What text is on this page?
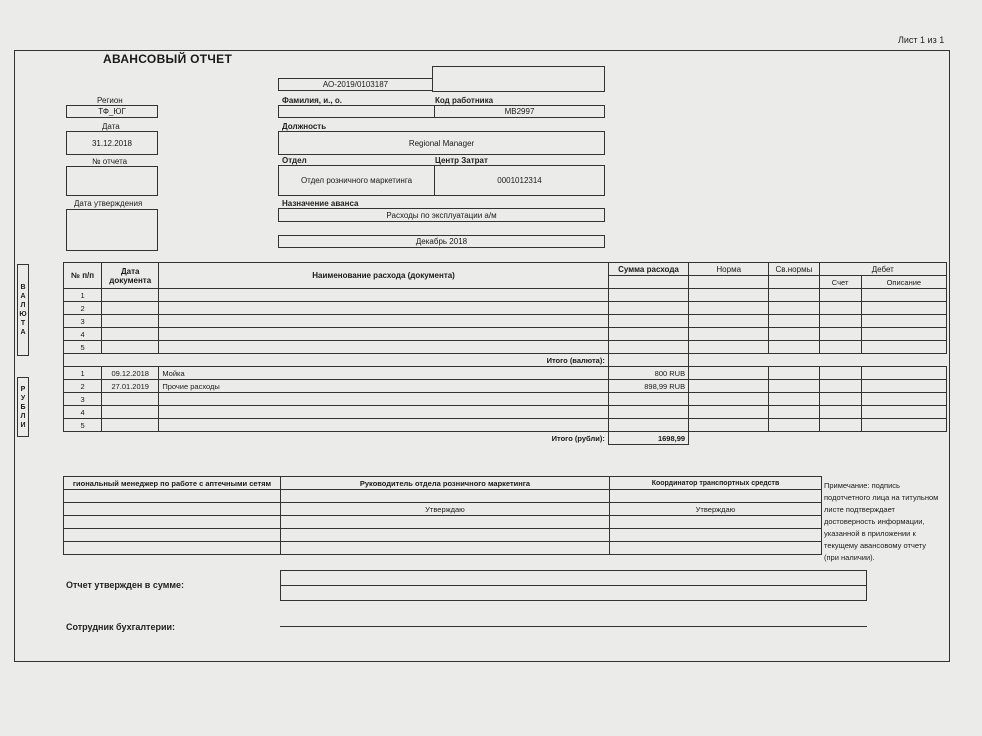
Лист 1 из 1
АВАНСОВЫЙ ОТЧЕТ
АО-2019/0103187
Регион
ТФ_ЮГ
Дата
31.12.2018
№ отчета
Дата утверждения
Фамилия, и., о.	Код работника
MB2997
Должность
Regional Manager
Отдел	Центр Затрат
Отдел розничного маркетинга	0001012314
Назначение аванса
Расходы по эксплуатации а/м
Декабрь 2018
В
А
Л
Ю
Т
А
Р
У
Б
Л
И
№ п/п	Дата документа	Наименование расхода (документа)	Сумма расхода	Норма	Св.нормы	Дебет	
						Счет	Описание
1							
2							
3							
4							
5							
Итого (валюта):							
1	09.12.2018	Мойка	800 RUB				
2	27.01.2019	Прочие расходы	898,99 RUB				
3							
4							
5							
Итого (рубли):			1698,99				
гиональный менеджер по работе с аптечными сетям	Руководитель отдела розничного маркетинга	Координатор транспортных средств

	Утверждаю	Утверждаю

Примечание: подпись подотчетного лица на титульном листе подтверждает достоверность информации, указанной в приложении к текущему авансовому отчету (при наличии).
Отчет утвержден в сумме:
Сотрудник бухгалтерии:
